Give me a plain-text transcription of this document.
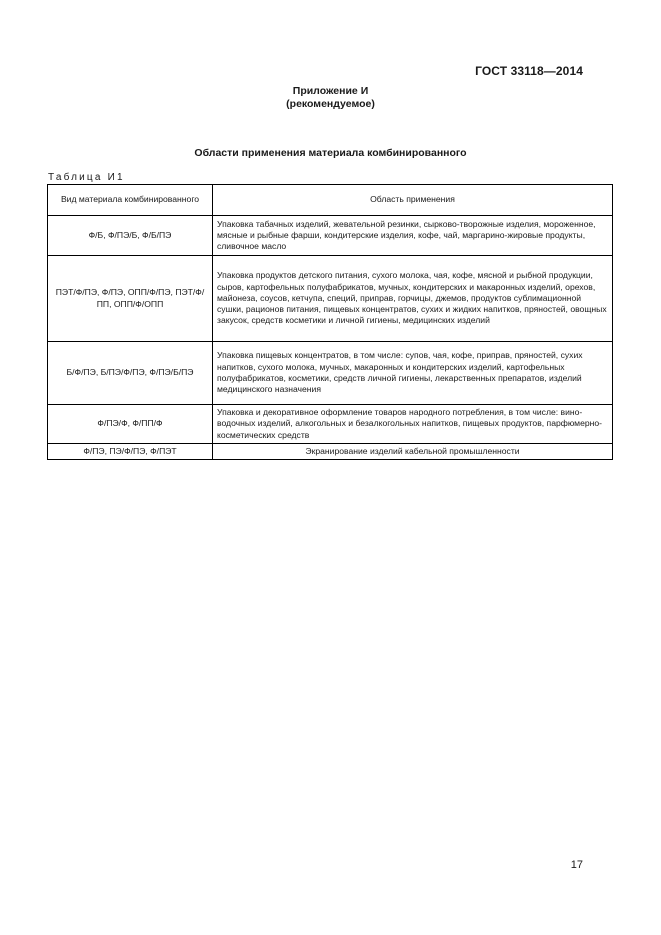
ГОСТ 33118—2014
Приложение И
(рекомендуемое)
Области применения материала комбинированного
Таблица И1
Вид материала комбинированного	Область применения
Ф/Б, Ф/ПЭ/Б, Ф/Б/ПЭ	Упаковка табачных изделий, жевательной резинки, сырково-творожные изделия, мороженное, мясные и рыбные фарши, кондитерские изделия, кофе, чай, маргарино-жировые продукты, сливочное масло
ПЭТ/Ф/ПЭ, Ф/ПЭ, ОПП/Ф/ПЭ, ПЭТ/Ф/ПП, ОПП/Ф/ОПП	Упаковка продуктов детского питания, сухого молока, чая, кофе, мясной и рыбной продукции, сыров, картофельных полуфабрикатов, мучных, кондитерских и макаронных изделий, орехов, майонеза, соусов, кетчупа, специй, приправ, горчицы, джемов, продуктов сублимационной сушки, рационов питания, пищевых концентратов, сухих и жидких напитков, пряностей, овощных закусок, средств косметики и личной гигиены, медицинских изделий
Б/Ф/ПЭ, Б/ПЭ/Ф/ПЭ, Ф/ПЭ/Б/ПЭ	Упаковка пищевых концентратов, в том числе: супов, чая, кофе, приправ, пряностей, сухих напитков, сухого молока, мучных, макаронных и кондитерских изделий, картофельных полуфабрикатов, косметики, средств личной гигиены, лекарственных препаратов, изделий медицинского назначения
Ф/ПЭ/Ф, Ф/ПП/Ф	Упаковка и декоративное оформление товаров народного потребления, в том числе: вино-водочных изделий, алкогольных и безалкогольных напитков, пищевых продуктов, парфюмерно-косметических средств
Ф/ПЭ, ПЭ/Ф/ПЭ, Ф/ПЭТ	Экранирование изделий кабельной промышленности
17
